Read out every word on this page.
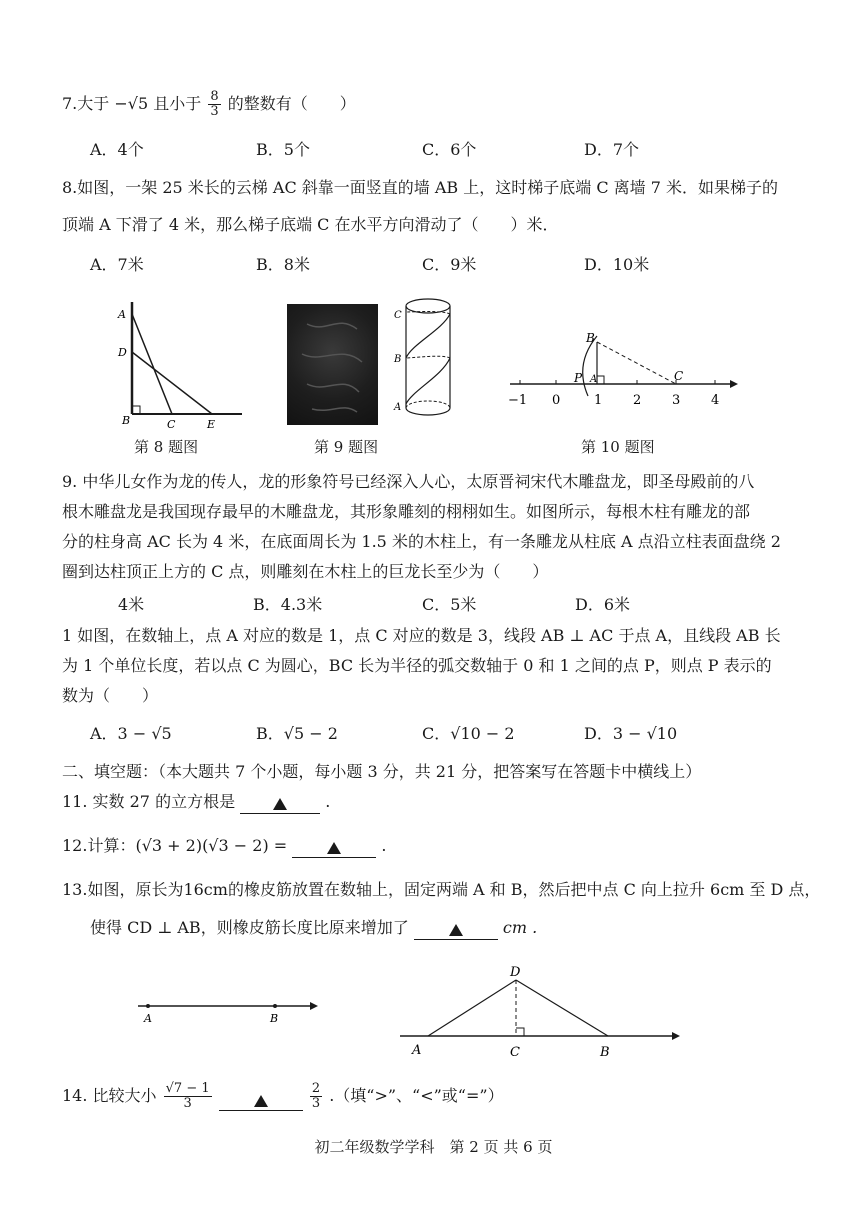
7.大于 −√5 且小于 $\frac{8}{3}$ 的整数有（　　）
A．4个	B．5个	C．6个	D．7个
8.如图，一架 25 米长的云梯 AC 斜靠一面竖直的墙 AB 上，这时梯子底端 C 离墙 7 米．如果梯子的
顶端 A 下滑了 4 米，那么梯子底端 C 在水平方向滑动了（　　）米．
A．7米	B．8米	C．9米	D．10米
A
D
B	C	E
第 8 题图
C
B
A
第 9 题图
B
P A	C
−1 0	1 2 3 4
第 10 题图
9. 中华儿女作为龙的传人，龙的形象符号已经深入人心，太原晋祠宋代木雕盘龙，即圣母殿前的八
根木雕盘龙是我国现存最早的木雕盘龙，其形象雕刻的栩栩如生。如图所示，每根木柱有雕龙的部
分的柱身高 AC 长为 4 米，在底面周长为 1.5 米的木柱上，有一条雕龙从柱底 A 点沿立柱表面盘绕 2
圈到达柱顶正上方的 C 点，则雕刻在木柱上的巨龙长至少为（　　）
4米	B．4.3米	C．5米	D．6米
1 如图，在数轴上，点 A 对应的数是 1，点 C 对应的数是 3，线段 AB ⊥ AC 于点 A，且线段 AB 长
为 1 个单位长度，若以点 C 为圆心，BC 长为半径的弧交数轴于 0 和 1 之间的点 P，则点 P 表示的
数为（　　）
A．3 − √5	B．√5 − 2	C．√10 − 2	D．3 − √10
二、填空题：（本大题共 7 个小题，每小题 3 分，共 21 分，把答案写在答题卡中横线上）
11. 实数 27 的立方根是	.
12.计算：(√3 + 2)(√3 − 2) =	.
13.如图，原长为16cm的橡皮筋放置在数轴上，固定两端 A 和 B，然后把中点 C 向上拉升 6cm 至 D 点，
使得 CD ⊥ AB，则橡皮筋长度比原来增加了	cm .
A	B
D
A	C	B
14. 比较大小 $\frac{√7 - 1}{3}$
	$\frac{2}{3}$ .（填“>”、“<”或“=”）
初二年级数学学科　第 2 页 共 6 页
